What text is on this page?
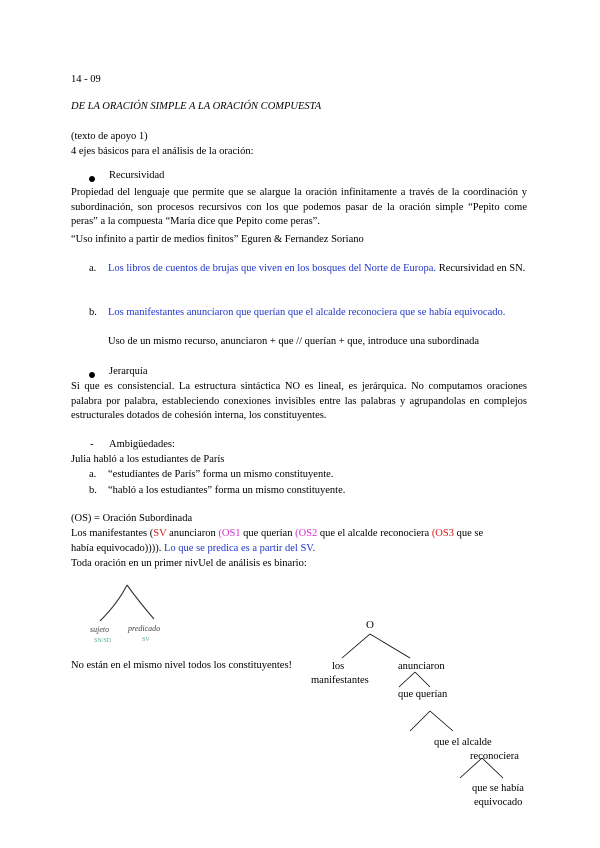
14 - 09
DE LA ORACIÓN SIMPLE A LA ORACIÓN COMPUESTA
(texto de apoyo 1)
4 ejes básicos para el análisis de la oración:
Recursividad
Propiedad del lenguaje que permite que se alargue la oración infinitamente a través de la coordinación y subordinación, son procesos recursivos con los que podemos pasar de la oración simple “Pepito come peras” a la compuesta “María dice que Pepito come peras”.
“Uso infinito a partir de medios finitos” Eguren & Fernandez Soriano
a. Los libros de cuentos de brujas que viven en los bosques del Norte de Europa. Recursividad en SN.
b. Los manifestantes anunciaron que querían que el alcalde reconociera que se había equivocado.
Uso de un mismo recurso, anunciaron + que // querían + que, introduce una subordinada
Jerarquía
Si que es consistencial. La estructura sintáctica NO es lineal, es jerárquica. No computamos oraciones palabra por palabra, estableciendo conexiones invisibles entre las palabras y agrupandolas en complejos estructurales dotados de cohesión interna, los constituyentes.
- Ambigüedades:
Julia habló a los estudiantes de París
a. “estudiantes de París” forma un mismo constituyente.
b. “habló a los estudiantes” forma un mismo constituyente.
(OS) = Oración Subordinada
Los manifestantes (SV anunciaron (OS1 que querían (OS2 que el alcalde reconociera (OS3 que se
había equivocado)))). Lo que se predica es a partir del SV.
Toda oración en un primer nivUel de análisis es binario:
sujeto predicado
SN/SD	SV
No están en el mismo nivel todos los constituyentes!
O
los
manifestantes
anunciaron
que querían
que el alcalde
reconociera
que se había
equivocado
